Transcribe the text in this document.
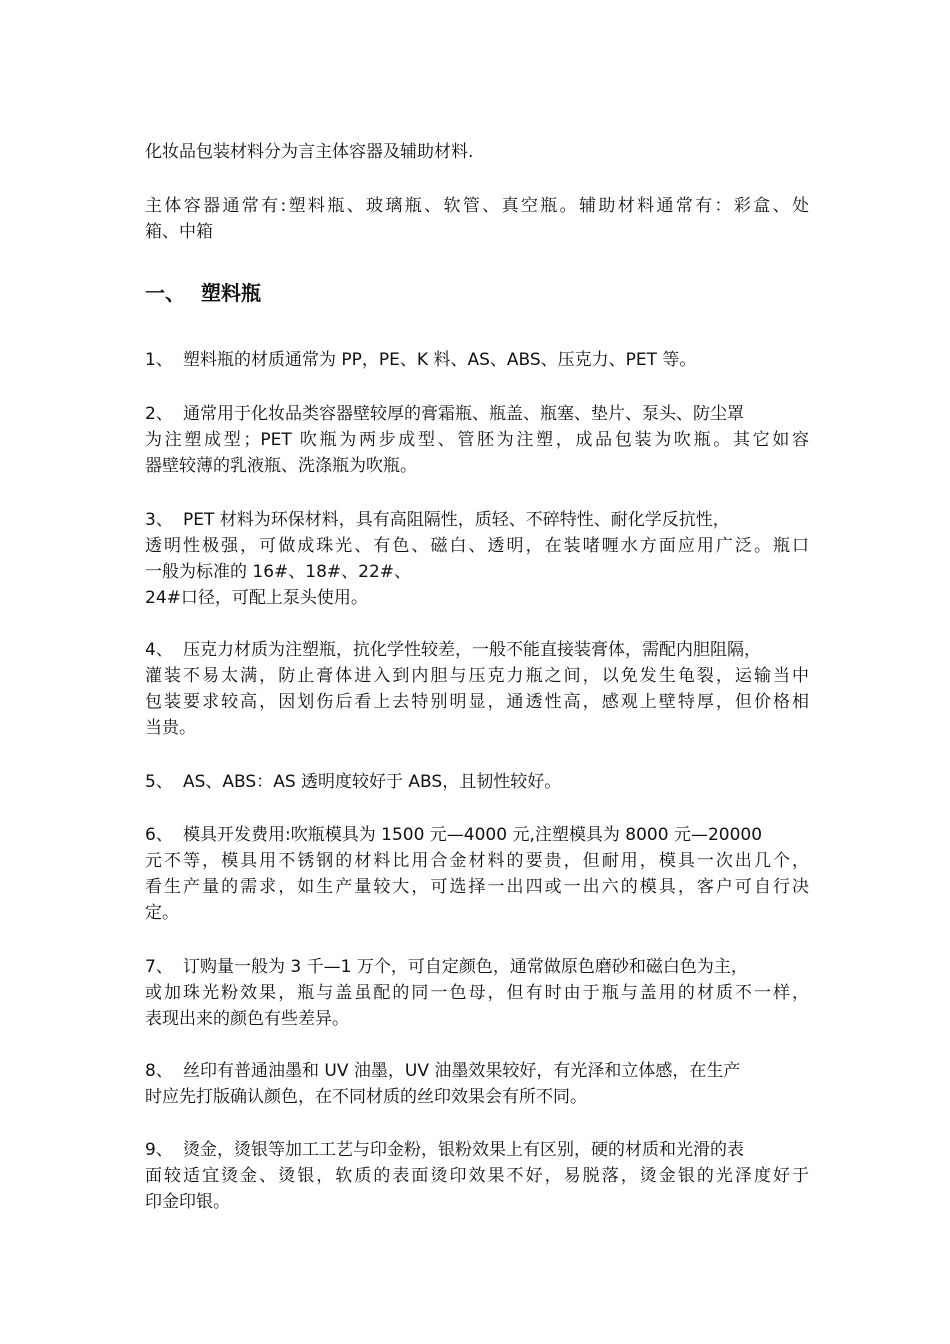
化妆品包装材料分为言主体容器及辅助材料.

主体容器通常有:塑料瓶、玻璃瓶、软管、真空瓶。辅助材料通常有：彩盒、处
箱、中箱

一、 塑料瓶

1、 塑料瓶的材质通常为 PP，PE、K 料、AS、ABS、压克力、PET 等。

2、 通常用于化妆品类容器壁较厚的膏霜瓶、瓶盖、瓶塞、垫片、泵头、防尘罩
为注塑成型；PET 吹瓶为两步成型、管胚为注塑，成品包装为吹瓶。其它如容
器壁较薄的乳液瓶、洗涤瓶为吹瓶。

3、 PET 材料为环保材料，具有高阻隔性，质轻、不碎特性、耐化学反抗性，
透明性极强，可做成珠光、有色、磁白、透明，在装啫喱水方面应用广泛。瓶口
一般为标准的 16#、18#、22#、
24#口径，可配上泵头使用。

4、 压克力材质为注塑瓶，抗化学性较差，一般不能直接装膏体，需配内胆阻隔，
灌装不易太满，防止膏体进入到内胆与压克力瓶之间，以免发生龟裂，运输当中
包装要求较高，因划伤后看上去特别明显，通透性高，感观上壁特厚，但价格相
当贵。

5、 AS、ABS：AS 透明度较好于 ABS，且韧性较好。

6、 模具开发费用:吹瓶模具为 1500 元—4000 元,注塑模具为 8000 元—20000
元不等，模具用不锈钢的材料比用合金材料的要贵，但耐用，模具一次出几个，
看生产量的需求，如生产量较大，可选择一出四或一出六的模具，客户可自行决
定。

7、 订购量一般为 3 千—1 万个，可自定颜色，通常做原色磨砂和磁白色为主，
或加珠光粉效果，瓶与盖虽配的同一色母，但有时由于瓶与盖用的材质不一样，
表现出来的颜色有些差异。

8、 丝印有普通油墨和 UV 油墨，UV 油墨效果较好，有光泽和立体感，在生产
时应先打版确认颜色，在不同材质的丝印效果会有所不同。

9、 烫金，烫银等加工工艺与印金粉，银粉效果上有区别，硬的材质和光滑的表
面较适宜烫金、烫银，软质的表面烫印效果不好，易脱落，烫金银的光泽度好于
印金印银。
